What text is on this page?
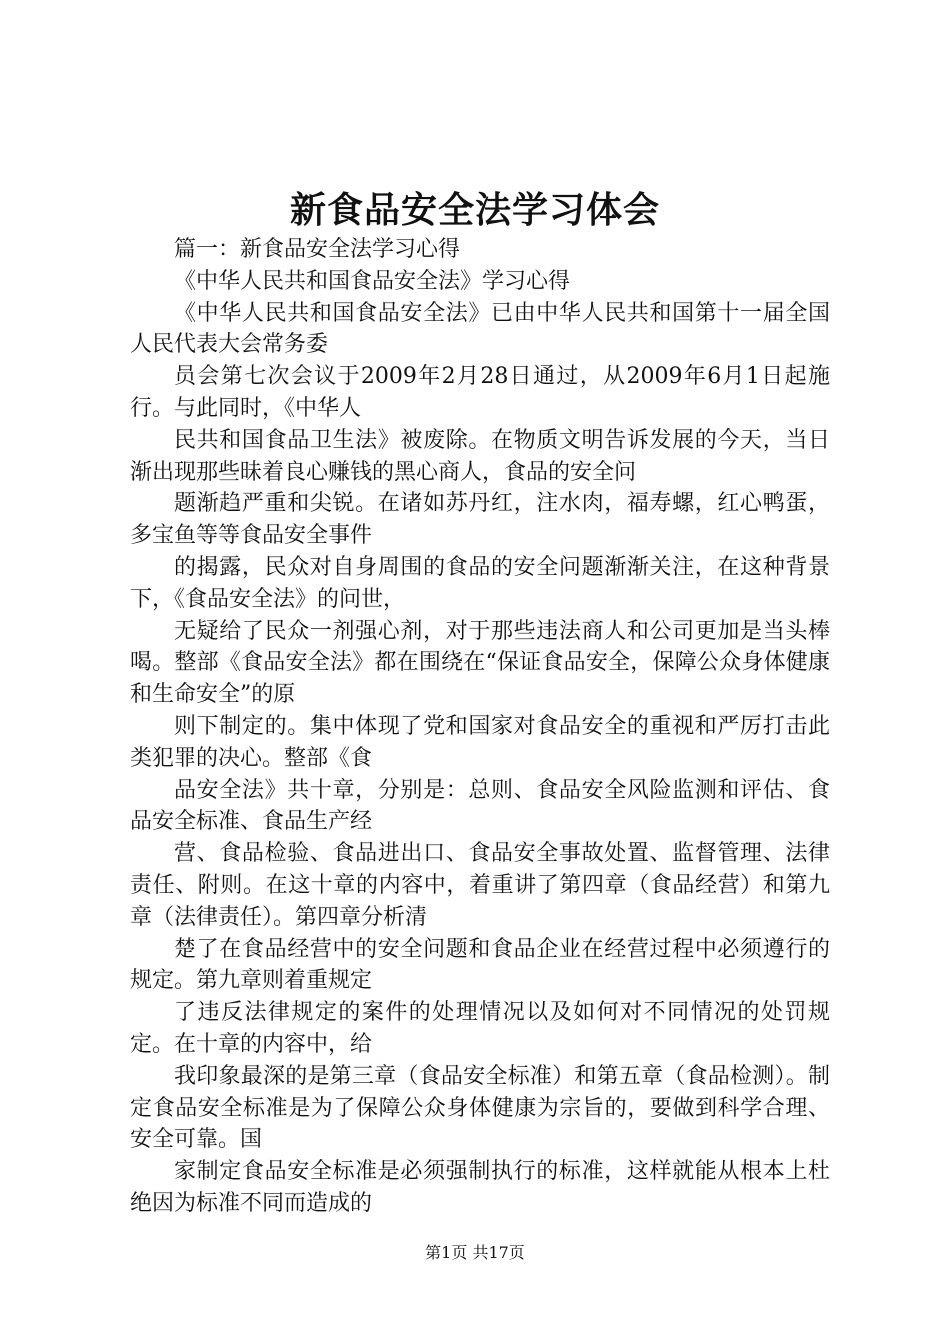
新食品安全法学习体会

篇一：新食品安全法学习心得

《中华人民共和国食品安全法》学习心得

《中华人民共和国食品安全法》已由中华人民共和国第十一届全国人民代表大会常务委

员会第七次会议于2009年2月28日通过，从2009年6月1日起施行。与此同时，《中华人

民共和国食品卫生法》被废除。在物质文明告诉发展的今天，当日渐出现那些昧着良心赚钱的黑心商人，食品的安全问

题渐趋严重和尖锐。在诸如苏丹红，注水肉，福寿螺，红心鸭蛋，多宝鱼等等食品安全事件

的揭露，民众对自身周围的食品的安全问题渐渐关注，在这种背景下，《食品安全法》的问世，

无疑给了民众一剂强心剂，对于那些违法商人和公司更加是当头棒喝。整部《食品安全法》都在围绕在“保证食品安全，保障公众身体健康和生命安全”的原

则下制定的。集中体现了党和国家对食品安全的重视和严厉打击此类犯罪的决心。整部《食

品安全法》共十章，分别是：总则、食品安全风险监测和评估、食品安全标准、食品生产经

营、食品检验、食品进出口、食品安全事故处置、监督管理、法律责任、附则。在这十章的内容中，着重讲了第四章（食品经营）和第九章（法律责任）。第四章分析清

楚了在食品经营中的安全问题和食品企业在经营过程中必须遵行的规定。第九章则着重规定

了违反法律规定的案件的处理情况以及如何对不同情况的处罚规定。在十章的内容中，给

我印象最深的是第三章（食品安全标准）和第五章（食品检测）。制定食品安全标准是为了保障公众身体健康为宗旨的，要做到科学合理、安全可靠。国

家制定食品安全标准是必须强制执行的标准，这样就能从根本上杜绝因为标准不同而造成的

第1页 共17页
